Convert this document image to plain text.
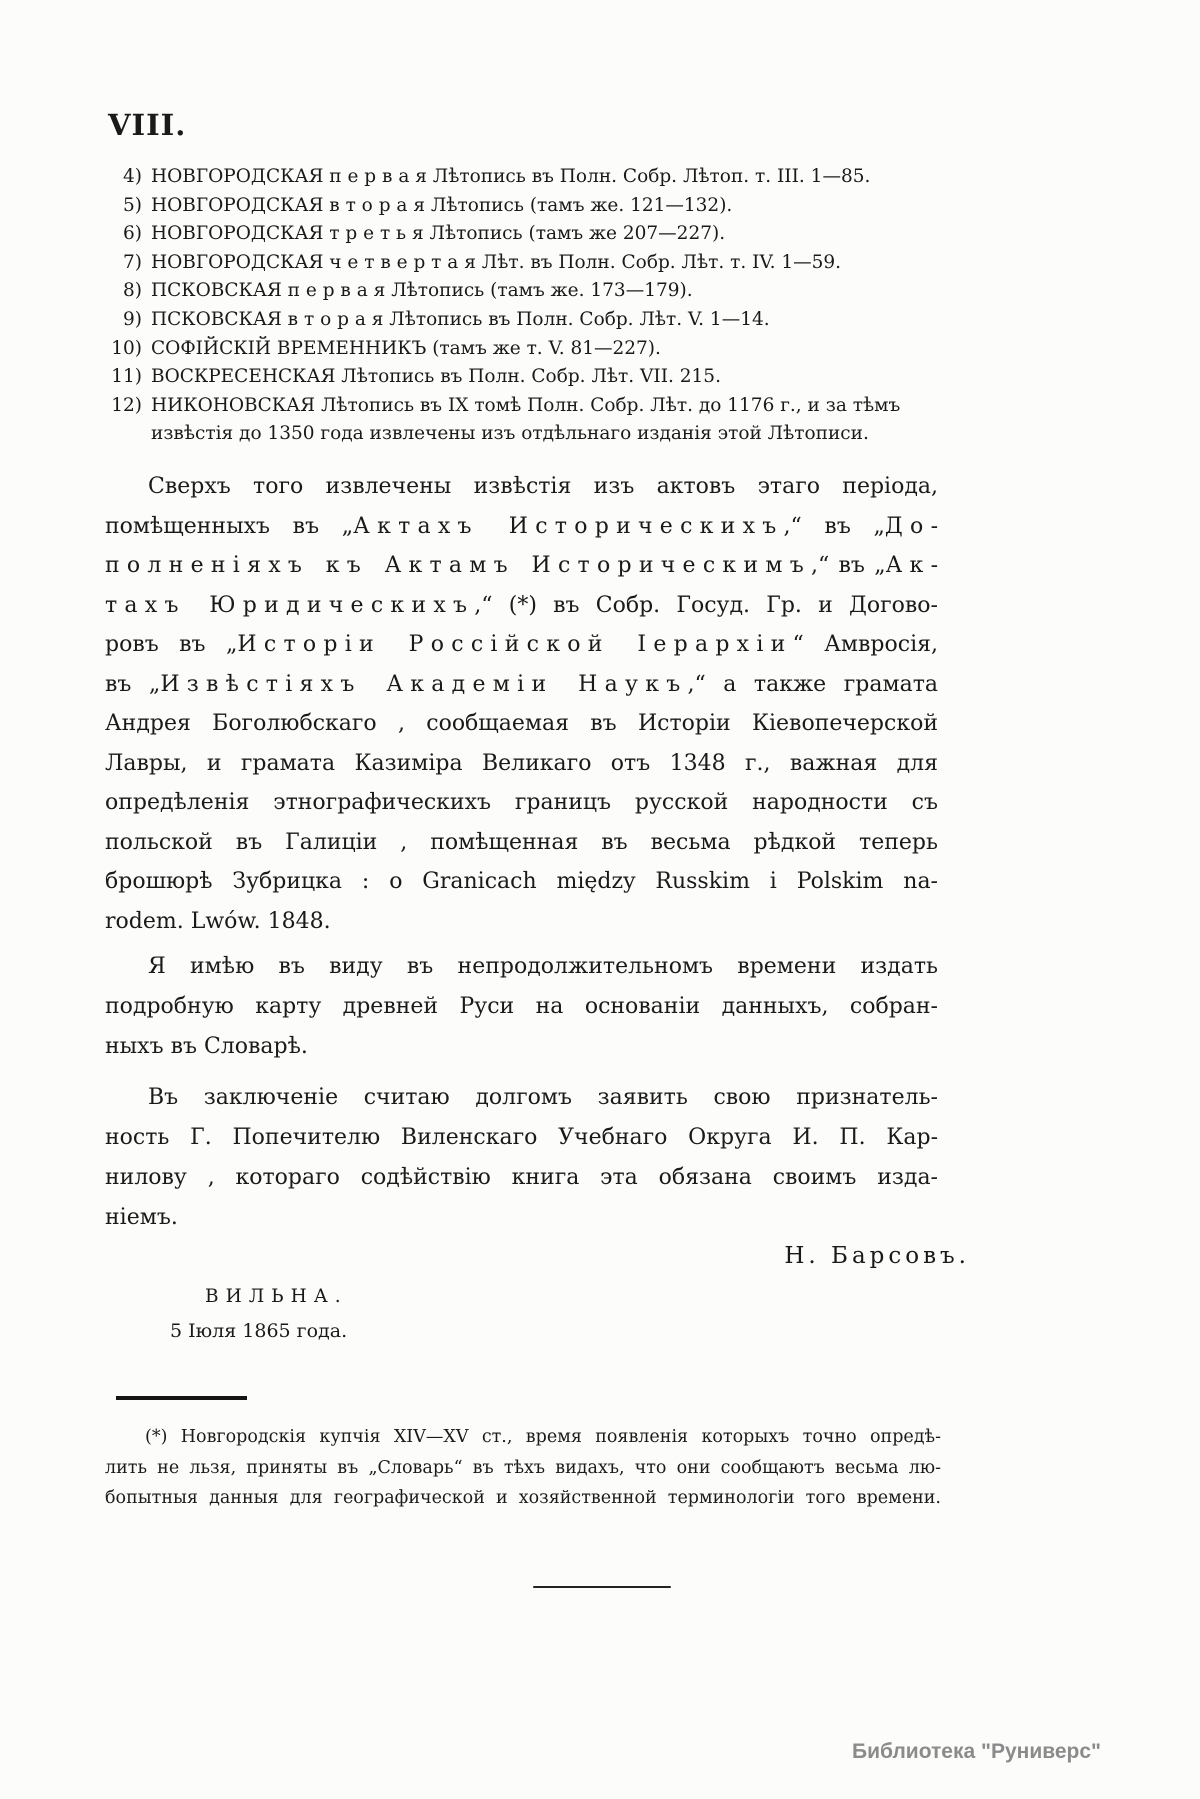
VIII.
4) НОВГОРОДСКАЯ п е р в а я Лѣтопись въ Полн. Собр. Лѣтоп. т. III. 1—85.
5) НОВГОРОДСКАЯ в т о р а я Лѣтопись (тамъ же. 121—132).
6) НОВГОРОДСКАЯ т р е т ь я Лѣтопись (тамъ же 207—227).
7) НОВГОРОДСКАЯ ч е т в е р т а я Лѣт. въ Полн. Собр. Лѣт. т. IV. 1—59.
8) ПСКОВСКАЯ п е р в а я Лѣтопись (тамъ же. 173—179).
9) ПСКОВСКАЯ в т о р а я Лѣтопись въ Полн. Собр. Лѣт. V. 1—14.
10) СОФІЙСКІЙ ВРЕМЕННИКЪ (тамъ же т. V. 81—227).
11) ВОСКРЕСЕНСКАЯ Лѣтопись въ Полн. Собр. Лѣт. VII. 215.
12) НИКОНОВСКАЯ Лѣтопись въ IX томѣ Полн. Собр. Лѣт. до 1176 г., и за тѣмъ
извѣстія до 1350 года извлечены изъ отдѣльнаго изданія этой Лѣтописи.
Сверхъ того извлечены извѣстія изъ актовъ этаго періода,
помѣщенныхъ въ „Актахъ Историческихъ,“ въ „До-
полненіяхъ къ Актамъ Историческимъ,“ въ „Ак-
тахъ Юридическихъ,“ (*) въ Собр. Госуд. Гр. и Догово-
ровъ въ „Исторіи Россійской Іерархіи“ Амвросія,
въ „Извѣстіяхъ Академіи Наукъ,“ а также грамата
Андрея Боголюбскаго , сообщаемая въ Исторіи Кіевопечерской
Лавры, и грамата Казиміра Великаго отъ 1348 г., важная для
опредѣленія этнографическихъ границъ русской народности съ
польской въ Галиціи , помѣщенная въ весьма рѣдкой теперь
брошюрѣ Зубрицка : о Granicach między Russkim i Polskim na-
rodem. Lwów. 1848.
Я имѣю въ виду въ непродолжительномъ времени издать
подробную карту древней Руси на основаніи данныхъ, собран-
ныхъ въ Словарѣ.
Въ заключеніе считаю долгомъ заявить свою признатель-
ность Г. Попечителю Виленскаго Учебнаго Округа И. П. Кар-
нилову , котораго содѣйствію книга эта обязана своимъ изда-
ніемъ.
Н. Барсовъ.
ВИЛЬНА.
5 Іюля 1865 года.
(*) Новгородскія купчія XIV—XV ст., время появленія которыхъ точно опредѣ-
лить не льзя, приняты въ „Словарь“ въ тѣхъ видахъ, что они сообщаютъ весьма лю-
бопытныя данныя для географической и хозяйственной терминологіи того времени.
Библиотека "Руниверс"
